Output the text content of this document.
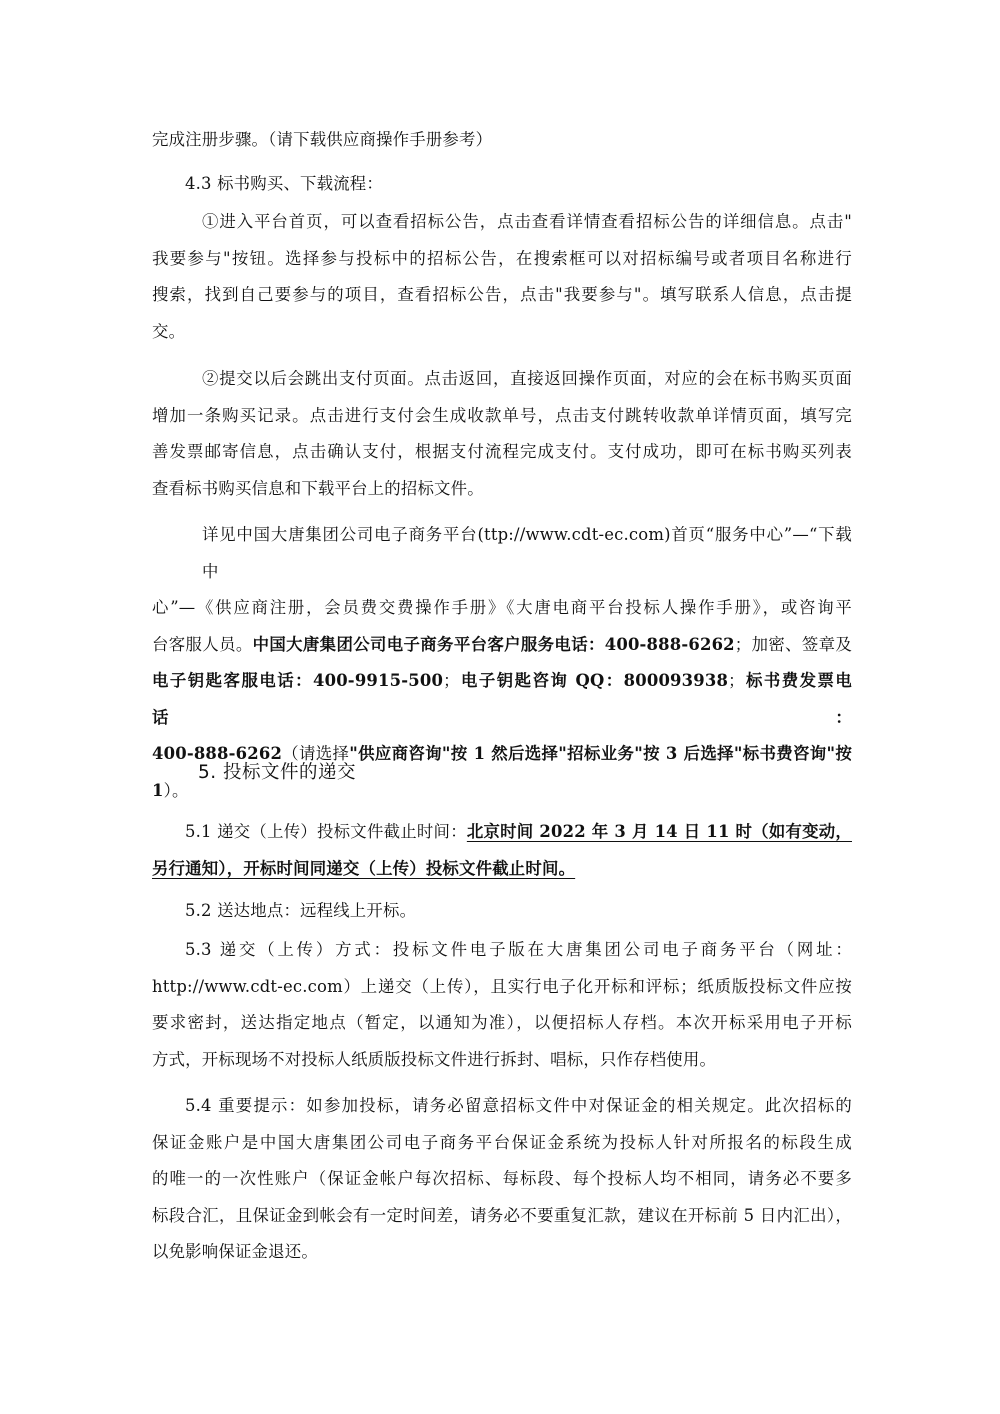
完成注册步骤。（请下载供应商操作手册参考）
4.3 标书购买、下载流程：
①进入平台首页，可以查看招标公告，点击查看详情查看招标公告的详细信息。点击"
我要参与"按钮。选择参与投标中的招标公告，在搜索框可以对招标编号或者项目名称进行
搜索，找到自己要参与的项目，查看招标公告，点击"我要参与"。填写联系人信息，点击提
交。
②提交以后会跳出支付页面。点击返回，直接返回操作页面，对应的会在标书购买页面
增加一条购买记录。点击进行支付会生成收款单号，点击支付跳转收款单详情页面，填写完
善发票邮寄信息，点击确认支付，根据支付流程完成支付。支付成功，即可在标书购买列表
查看标书购买信息和下载平台上的招标文件。
详见中国大唐集团公司电子商务平台(ttp://www.cdt-ec.com)首页“服务中心”—“下载中
心”—《供应商注册，会员费交费操作手册》《大唐电商平台投标人操作手册》，或咨询平
台客服人员。中国大唐集团公司电子商务平台客户服务电话：400-888-6262；加密、签章及
电子钥匙客服电话：400-9915-500；电子钥匙咨询 QQ：800093938；标书费发票电话：
400-888-6262（请选择"供应商咨询"按 1 然后选择"招标业务"按 3 后选择"标书费咨询"按
1）。
5. 投标文件的递交
5.1 递交（上传）投标文件截止时间：北京时间 2022 年 3 月 14 日 11 时（如有变动，
另行通知），开标时间同递交（上传）投标文件截止时间。
5.2 送达地点：远程线上开标。
5.3 递交（上传）方式：投标文件电子版在大唐集团公司电子商务平台（网址：
http://www.cdt-ec.com）上递交（上传），且实行电子化开标和评标；纸质版投标文件应按
要求密封，送达指定地点（暂定，以通知为准），以便招标人存档。本次开标采用电子开标
方式，开标现场不对投标人纸质版投标文件进行拆封、唱标，只作存档使用。
5.4 重要提示：如参加投标，请务必留意招标文件中对保证金的相关规定。此次招标的
保证金账户是中国大唐集团公司电子商务平台保证金系统为投标人针对所报名的标段生成
的唯一的一次性账户（保证金帐户每次招标、每标段、每个投标人均不相同，请务必不要多
标段合汇，且保证金到帐会有一定时间差，请务必不要重复汇款，建议在开标前 5 日内汇出），
以免影响保证金退还。
